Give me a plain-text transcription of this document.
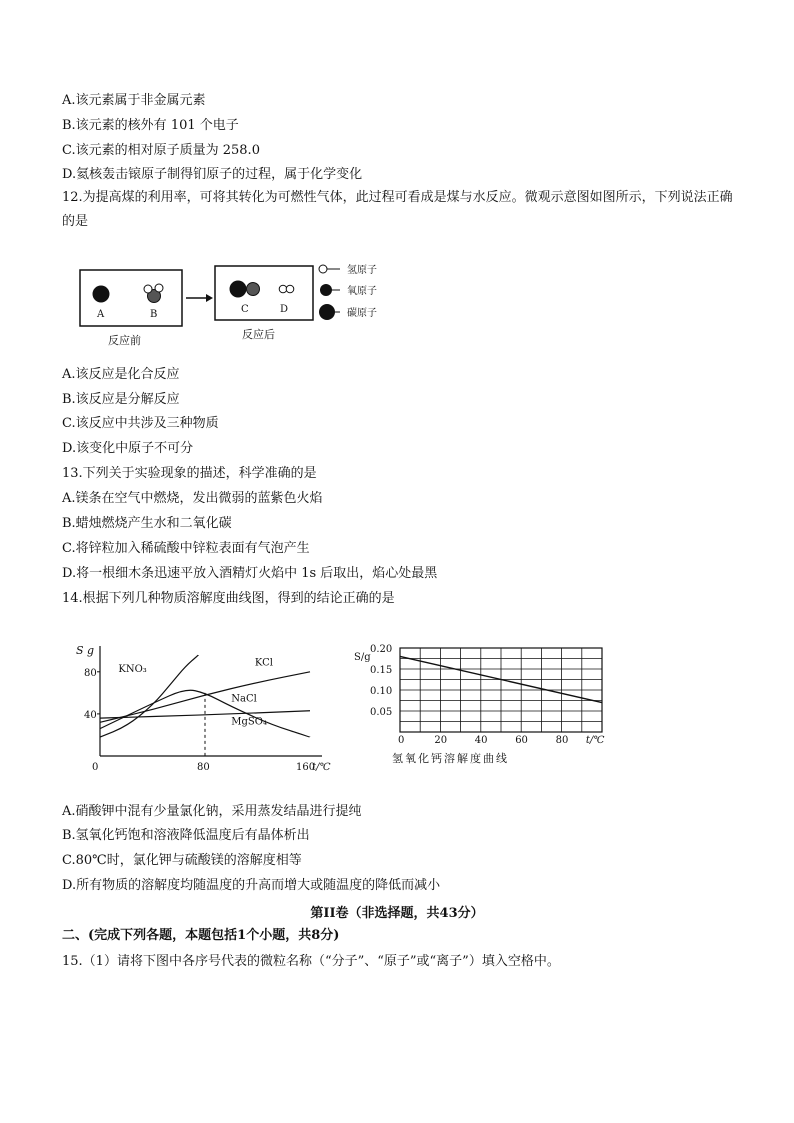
A.该元素属于非金属元素
B.该元素的核外有 101 个电子
C.该元素的相对原子质量为 258.0
D.氦核轰击锿原子制得钔原子的过程，属于化学变化
12.为提高煤的利用率，可将其转化为可燃性气体，此过程可看成是煤与水反应。微观示意图如图所示，下列说法正确的是
A	B
反应前
C	D
反应后
氢原子
氧原子
碳原子
A.该反应是化合反应
B.该反应是分解反应
C.该反应中共涉及三种物质
D.该变化中原子不可分
13.下列关于实验现象的描述，科学准确的是
A.镁条在空气中燃烧，发出微弱的蓝紫色火焰
B.蜡烛燃烧产生水和二氧化碳
C.将锌粒加入稀硫酸中锌粒表面有气泡产生
D.将一根细木条迅速平放入酒精灯火焰中 1s 后取出，焰心处最黑
14.根据下列几种物质溶解度曲线图，得到的结论正确的是
S g
t/℃
40
80
0	80	160
KNO₃
KCl
NaCl
MgSO₄
S/g
0.05
0.10
0.15
0.20
0	20	40	60	80 t/℃
氢氧化钙溶解度曲线
A.硝酸钾中混有少量氯化钠，采用蒸发结晶进行提纯
B.氢氧化钙饱和溶液降低温度后有晶体析出
C.80℃时，氯化钾与硫酸镁的溶解度相等
D.所有物质的溶解度均随温度的升高而增大或随温度的降低而减小
第II卷（非选择题，共43分）
二、(完成下列各题，本题包括1个小题，共8分)
15.（1）请将下图中各序号代表的微粒名称（“分子”、“原子”或“离子”）填入空格中。
